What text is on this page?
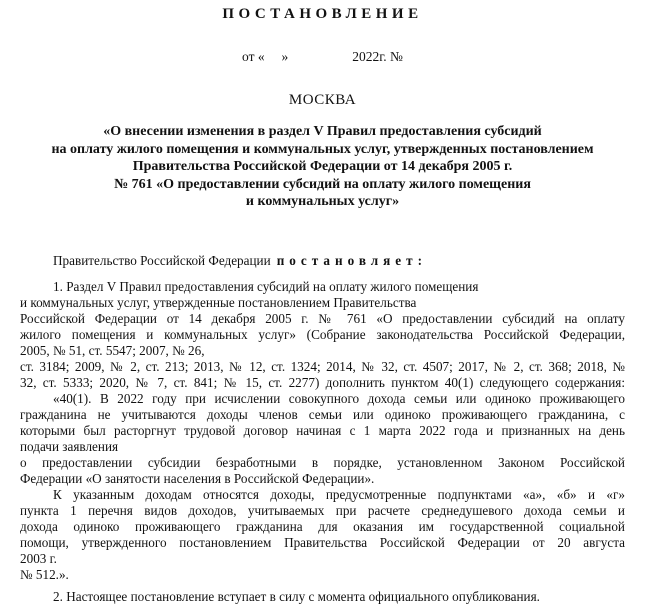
ПОСТАНОВЛЕНИЕ
от «     »	2022г. №
МОСКВА
«О внесении изменения в раздел V Правил предоставления субсидий
на оплату жилого помещения и коммунальных услуг, утвержденных постановлением
Правительства Российской Федерации от 14 декабря 2005 г.
№ 761 «О предоставлении субсидий на оплату жилого помещения
и коммунальных услуг»
Правительство Российской Федерации постановляет:
1. Раздел V Правил предоставления субсидий на оплату жилого помещения
и коммунальных услуг, утвержденные постановлением Правительства
Российской Федерации от 14 декабря 2005 г. № 761 «О предоставлении субсидий на оплату
жилого помещения и коммунальных услуг» (Собрание законодательства Российской Федерации,
2005, № 51, ст. 5547; 2007, № 26,
ст. 3184; 2009, № 2, ст. 213; 2013, № 12, ст. 1324; 2014, № 32, ст. 4507; 2017, № 2, ст. 368; 2018, №
32, ст. 5333; 2020, № 7, ст. 841; № 15, ст. 2277) дополнить пунктом 40(1) следующего содержания:
«40(1). В 2022 году при исчислении совокупного дохода семьи или одиноко проживающего
гражданина не учитываются доходы членов семьи или одиноко проживающего гражданина, с
которыми был расторгнут трудовой договор начиная с 1 марта 2022 года и признанных на день
подачи заявления
о предоставлении субсидии безработными в порядке, установленном Законом Российской
Федерации «О занятости населения в Российской Федерации».
К указанным доходам относятся доходы, предусмотренные подпунктами «а», «б» и «г»
пункта 1 перечня видов доходов, учитываемых при расчете среднедушевого дохода семьи и
дохода одиноко проживающего гражданина для оказания им государственной социальной
помощи, утвержденного постановлением Правительства Российской Федерации от 20 августа
2003 г.
№ 512.».
2. Настоящее постановление вступает в силу с момента официального опубликования.
